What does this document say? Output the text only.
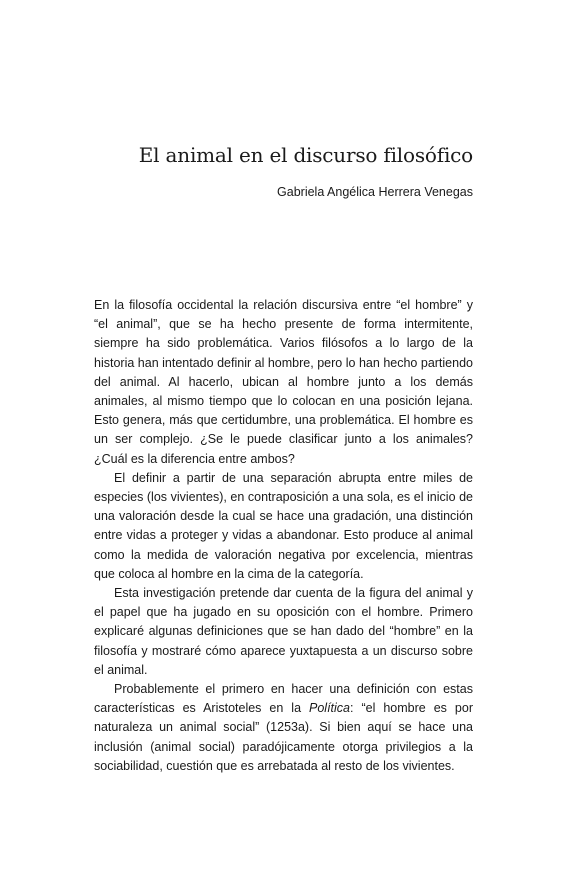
El animal en el discurso filosófico
Gabriela Angélica Herrera Venegas

En la filosofía occidental la relación discursiva entre “el hombre” y “el animal”, que se ha hecho presente de forma intermitente, siempre ha sido problemática. Varios filósofos a lo largo de la historia han intentado definir al hombre, pero lo han hecho partiendo del animal. Al hacerlo, ubican al hombre junto a los demás animales, al mismo tiempo que lo colocan en una posición lejana. Esto genera, más que certidumbre, una problemática. El hombre es un ser complejo. ¿Se le puede clasificar junto a los animales? ¿Cuál es la diferencia entre ambos?

El definir a partir de una separación abrupta entre miles de especies (los vivientes), en contraposición a una sola, es el inicio de una valoración desde la cual se hace una gradación, una distinción entre vidas a proteger y vidas a abandonar. Esto produce al animal como la medida de valoración negativa por excelencia, mientras que coloca al hombre en la cima de la categoría.

Esta investigación pretende dar cuenta de la figura del animal y el papel que ha jugado en su oposición con el hombre. Primero explicaré algunas definiciones que se han dado del “hombre” en la filosofía y mostraré cómo aparece yuxtapuesta a un discurso sobre el animal.

Probablemente el primero en hacer una definición con estas características es Aristoteles en la Política: “el hombre es por naturaleza un animal social” (1253a). Si bien aquí se hace una inclusión (animal social) paradójicamente otorga privilegios a la sociabilidad, cuestión que es arrebatada al resto de los vivientes.
